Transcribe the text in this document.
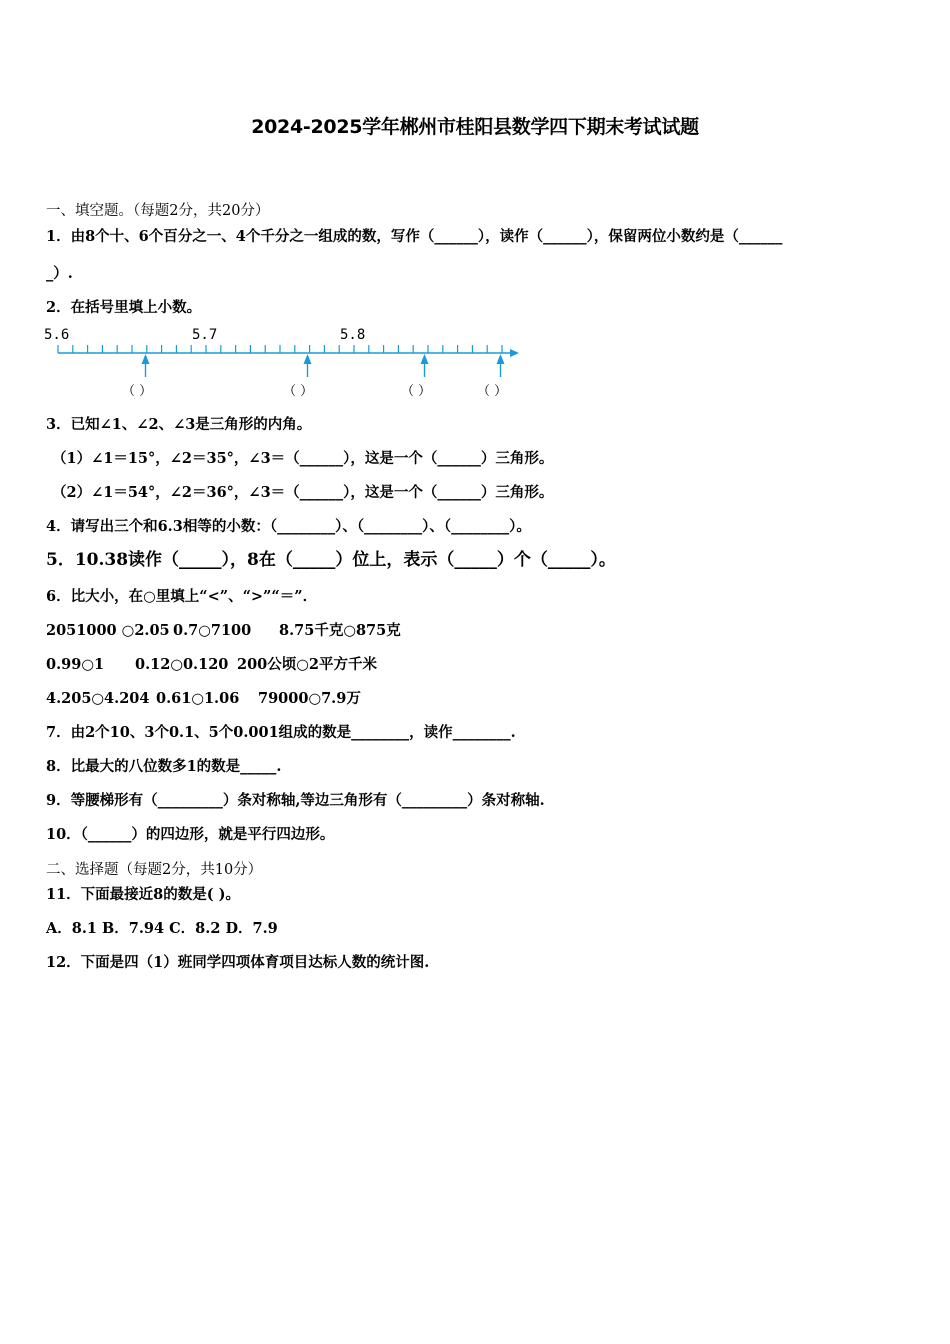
2024-2025学年郴州市桂阳县数学四下期末考试试题
一、填空题。（每题2分，共20分）
1．由8个十、6个百分之一、4个千分之一组成的数，写作（______），读作（______），保留两位小数约是（______
_）.
2．在括号里填上小数。
5.6	5.7	5.8
（ ）	（ ）	（ ）	（ ）
3．已知∠1、∠2、∠3是三角形的内角。
（1）∠1＝15°，∠2＝35°，∠3＝（______），这是一个（______）三角形。
（2）∠1＝54°，∠2＝36°，∠3＝（______），这是一个（______）三角形。
4．请写出三个和6.3相等的小数：（________）、（________）、（________）。
5．10.38读作（_____），8在（_____）位上，表示（_____）个（_____）。
6．比大小，在○里填上“<”、“>”“＝”．
2051000 ○2.05 0.7○7100 8.75千克○875克
0.99○1 0.12○0.120 200公顷○2平方千米
4.205○4.204 0.61○1.06 79000○7.9万
7．由2个10、3个0.1、5个0.001组成的数是________，读作________.
8．比最大的八位数多1的数是_____.
9．等腰梯形有（_________）条对称轴,等边三角形有（_________）条对称轴.
10．（______）的四边形，就是平行四边形。
二、选择题（每题2分，共10分）
11．下面最接近8的数是( )。
A．8.1 B．7.94 C．8.2 D．7.9
12．下面是四（1）班同学四项体育项目达标人数的统计图.
